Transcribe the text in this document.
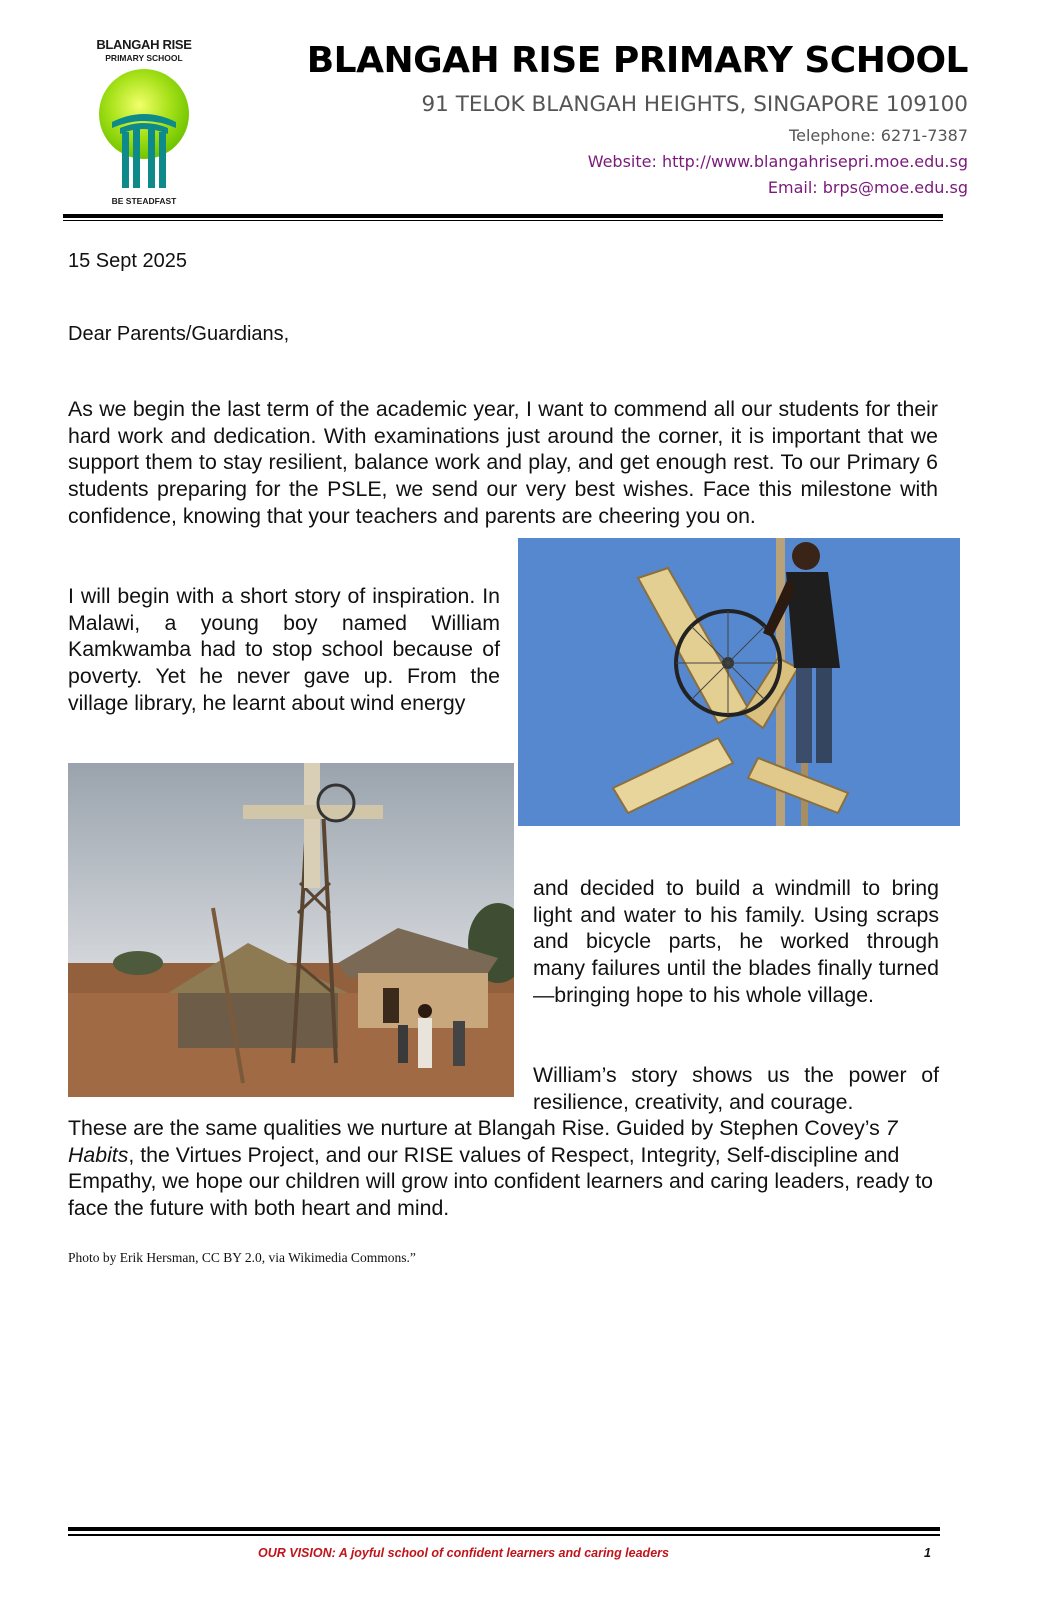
BLANGAH RISE
PRIMARY SCHOOL
BE STEADFAST
BLANGAH RISE PRIMARY SCHOOL
91 TELOK BLANGAH HEIGHTS, SINGAPORE 109100
Telephone: 6271-7387
Website: http://www.blangahrisepri.moe.edu.sg
Email: brps@moe.edu.sg

15 Sept 2025

Dear Parents/Guardians,

As we begin the last term of the academic year, I want to commend all our students for their hard work and dedication. With examinations just around the corner, it is important that we support them to stay resilient, balance work and play, and get enough rest. To our Primary 6 students preparing for the PSLE, we send our very best wishes. Face this milestone with confidence, knowing that your teachers and parents are cheering you on.

I will begin with a short story of inspiration. In Malawi, a young boy named William Kamkwamba had to stop school because of poverty. Yet he never gave up. From the village library, he learnt about wind energy

and decided to build a windmill to bring light and water to his family. Using scraps and bicycle parts, he worked through many failures until the blades finally turned—bringing hope to his whole village.

William’s story shows us the power of resilience, creativity, and courage.

These are the same qualities we nurture at Blangah Rise. Guided by Stephen Covey’s 7 Habits, the Virtues Project, and our RISE values of Respect, Integrity, Self-discipline and Empathy, we hope our children will grow into confident learners and caring leaders, ready to face the future with both heart and mind.

Photo by Erik Hersman, CC BY 2.0, via Wikimedia Commons.”
OUR VISION: A joyful school of confident learners and caring leaders	1
